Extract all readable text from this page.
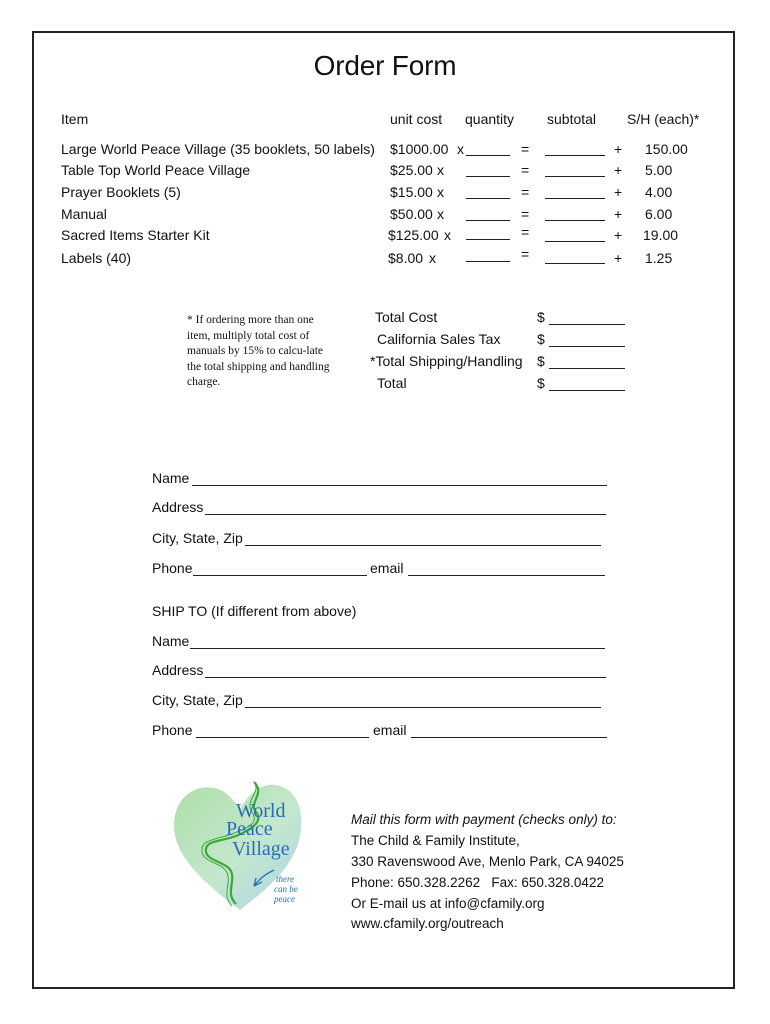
Order Form
Item	unit cost quantity subtotal S/H (each)*
Large World Peace Village (35 booklets, 50 labels) $1000.00 x	=	+ 150.00
Table Top World Peace Village	$25.00 x	=	+ 5.00
Prayer Booklets (5)	$15.00 x	=	+ 4.00
Manual	$50.00 x	=	+ 6.00
Sacred Items Starter Kit	$125.00 x	=	+ 19.00
Labels (40)	$8.00 x	=	+ 1.25
* If ordering more than one item, multiply total cost of manuals by 15% to calcu-late the total shipping and handling charge.
Total Cost	$
California Sales Tax	$
*Total Shipping/Handling $
Total	$
Name
Address
City, State, Zip
Phone	email
SHIP TO (If different from above)
Name
Address
City, State, Zip
Phone	email
World
Peace
Village
there
can be
peace
Mail this form with payment (checks only) to:
The Child & Family Institute,
330 Ravenswood Ave, Menlo Park, CA 94025
Phone: 650.328.2262   Fax: 650.328.0422
Or E-mail us at info@cfamily.org
www.cfamily.org/outreach
